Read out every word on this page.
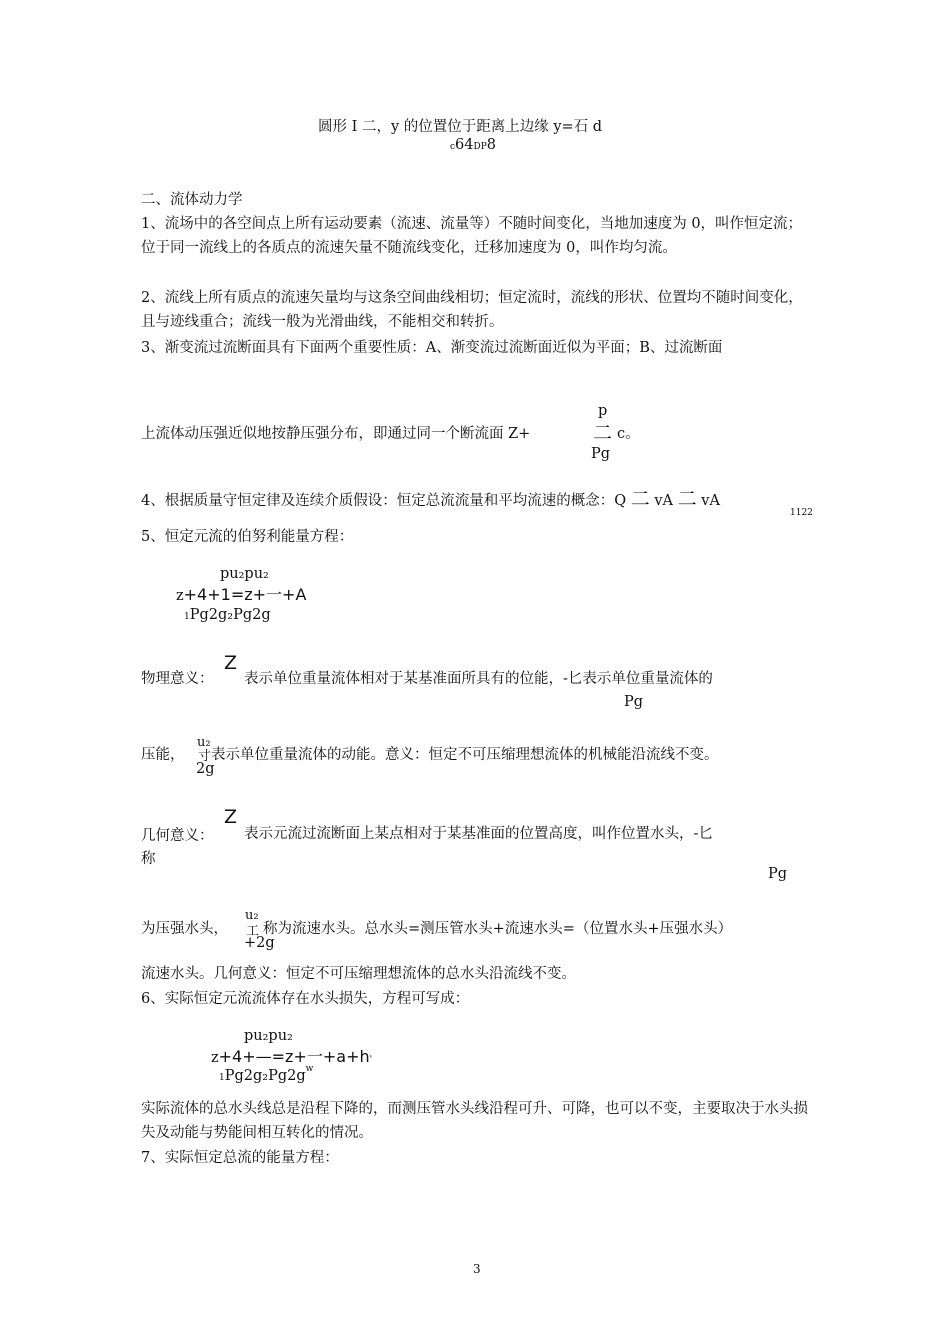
圆形 I 二，y 的位置位于距离上边缘 y=石 d
c64DP8
二、流体动力学
1、流场中的各空间点上所有运动要素（流速、流量等）不随时间变化，当地加速度为 0，叫作恒定流；位于同一流线上的各质点的流速矢量不随流线变化，迁移加速度为 0，叫作均匀流。
2、流线上所有质点的流速矢量均与这条空间曲线相切；恒定流时，流线的形状、位置均不随时间变化，且与迹线重合；流线一般为光滑曲线，不能相交和转折。
3、渐变流过流断面具有下面两个重要性质：A、渐变流过流断面近似为平面；B、过流断面
上流体动压强近似地按静压强分布，即通过同一个断流面 Z+
p
二
Pg
c。
4、根据质量守恒定律及连续介质假设：恒定总流流量和平均流速的概念：Q 二 vA 二 vA
1122
5、恒定元流的伯努利能量方程：
pu₂pu₂
z+4+1=z+一+A
1Pg2g₂Pg2g
物理意义：
Z
表示单位重量流体相对于某基准面所具有的位能，-匕表示单位重量流体的
Pg
压能，
u₂
寸
2g
表示单位重量流体的动能。意义：恒定不可压缩理想流体的机械能沿流线不变。
几何意义：
Z
表示元流过流断面上某点相对于某基准面的位置高度，叫作位置水头，-匕
称
Pg
为压强水头，
u₂
工
+2g
称为流速水头。总水头=测压管水头+流速水头=（位置水头+压强水头）
流速水头。几何意义：恒定不可压缩理想流体的总水头沿流线不变。
6、实际恒定元流流体存在水头损失，方程可写成：
pu₂pu₂
z+4+—=z+一+a+h'
$1Pg2g_2Pg2g^w$
实际流体的总水头线总是沿程下降的，而测压管水头线沿程可升、可降，也可以不变，主要取决于水头损失及动能与势能间相互转化的情况。
7、实际恒定总流的能量方程：
3
